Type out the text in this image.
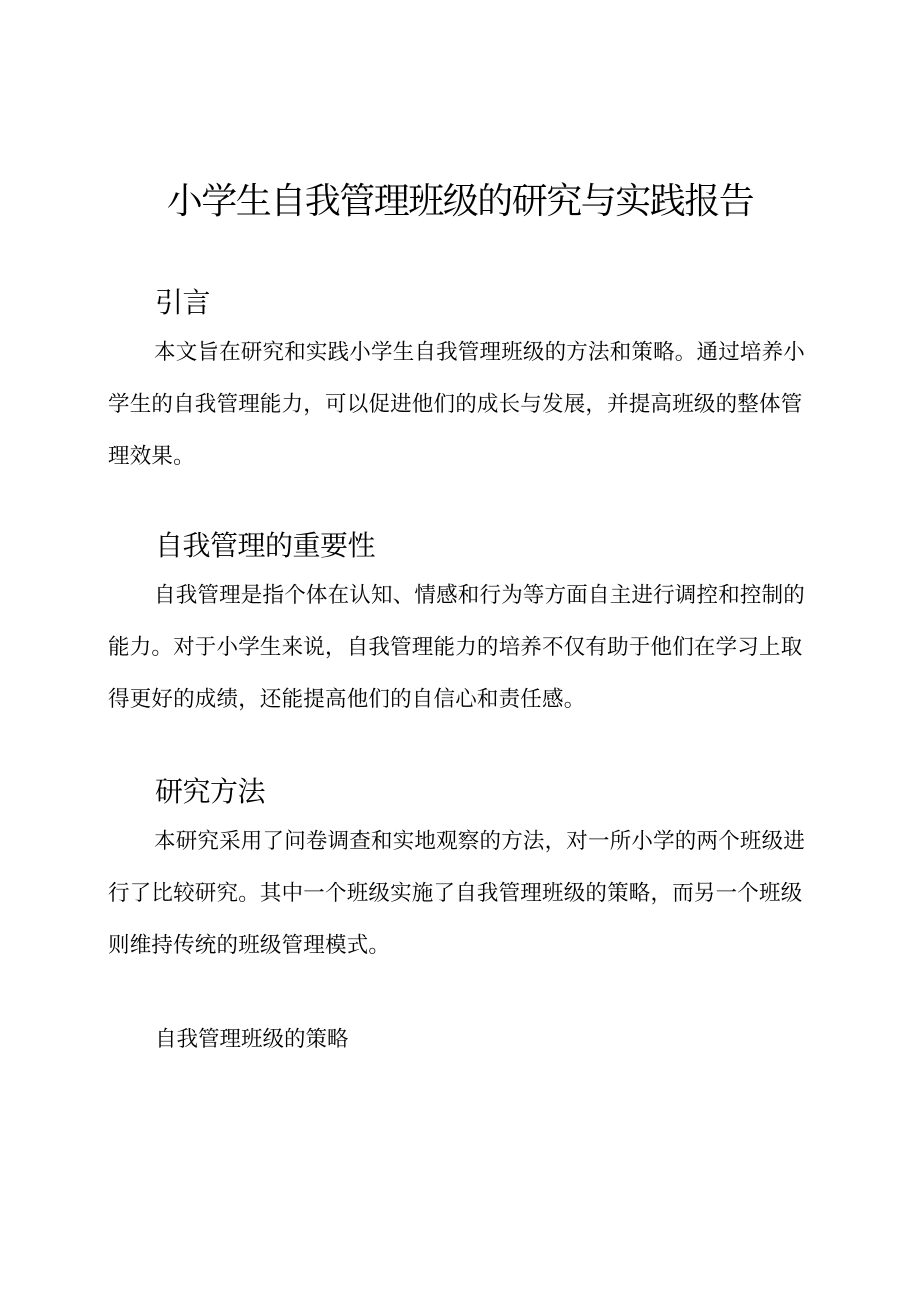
小学生自我管理班级的研究与实践报告
引言

本文旨在研究和实践小学生自我管理班级的方法和策略。通过培养小学生的自我管理能力，可以促进他们的成长与发展，并提高班级的整体管理效果。

自我管理的重要性

自我管理是指个体在认知、情感和行为等方面自主进行调控和控制的能力。对于小学生来说，自我管理能力的培养不仅有助于他们在学习上取得更好的成绩，还能提高他们的自信心和责任感。

研究方法

本研究采用了问卷调查和实地观察的方法，对一所小学的两个班级进行了比较研究。其中一个班级实施了自我管理班级的策略，而另一个班级则维持传统的班级管理模式。

自我管理班级的策略
